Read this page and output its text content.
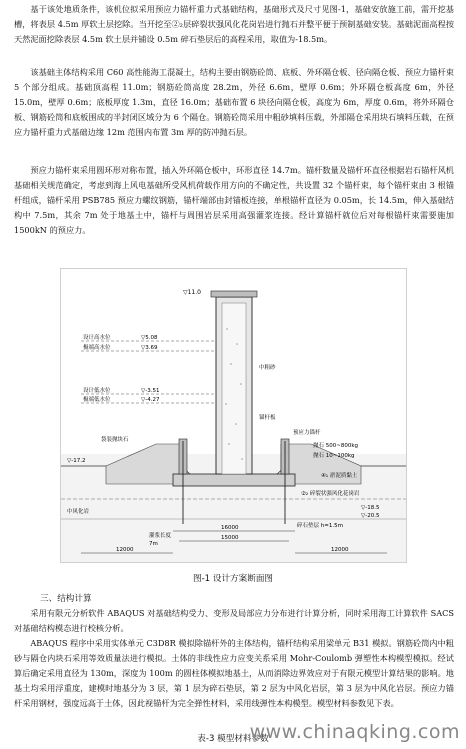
基于该处地质条件，该机位拟采用预应力锚杆重力式基础结构，基础形式及尺寸见图-1，基础安放施工前，需开挖基槽，将表层 4.5m 厚软土层挖除。当开挖至②₂层碎裂状强风化花岗岩进行抛石并整平便于预制基础安装。基础泥面高程按天然泥面挖除表层 4.5m 软土层并铺设 0.5m 碎石垫层后的高程采用，取值为-18.5m。

该基础主体结构采用 C60 高性能海工混凝土，结构主要由钢筋砼筒、底板、外环隔仓板、径向隔仓板、预应力锚杆束 5 个部分组成。基础顶高程 11.0m；钢筋砼筒高度 28.2m，外径 6.6m，壁厚 0.6m；外环隔仓板高度 6m，外径 15.0m，壁厚 0.6m；底板厚度 1.3m，直径 16.0m；基础布置 6 块径向隔仓板，高度为 6m，厚度 0.6m，将外环隔仓板、钢筋砼筒和底板围成的半封闭区域分为 6 个隔仓。钢筋砼筒采用中粗砂填料压载，外部隔仓采用块石填料压载，在预应力锚杆重力式基础边缘 12m 范围内布置 3m 厚的防冲抛石层。

预应力锚杆束采用圆环形对称布置，插入外环隔仓板中，环形直径 14.7m。锚杆数量及锚杆环直径根据岩石锚杆风机基础相关规范确定，考虑到海上风电基础所受风机荷载作用方向的不确定性，共设置 32 个锚杆束，每个锚杆束由 3 根锚杆组成，锚杆采用 PSB785 预应力螺纹钢筋，锚杆端部由封锚板连接，单根锚杆直径为 0.05m，长 14.5m，伸入基础结构中 7.5m，其余 7m 处于地基土中，锚杆与周围岩层采用高强灌浆连接。经计算锚杆就位后对每根锚杆束需要施加 1500kN 的预应力。

▽11.0
设计高水位	▽5.08
极端高水位	▽3.69
设计低水位	▽-3.51
极端低水位	▽-4.27
中粗砂
锚杆板
预应力锚杆
袋装抛块石
抛石 500~800kg
抛石 10~100kg
▽-17.2
④₁ 淤泥质黏土
②₂ 碎裂状强风化花岗岩
▽-18.5
▽-20.5
中风化岩
碎石垫层 h=1.5m
灌浆长度
7m
16000
15000
12000	12000
图-1 设计方案断面图
三、结构计算

采用有限元分析软件 ABAQUS 对基础结构受力、变形及局部应力分布进行计算分析，同时采用海工计算软件 SACS 对基础结构模态进行校核分析。

ABAQUS 程序中采用实体单元 C3D8R 模拟除锚杆外的主体结构，锚杆结构采用梁单元 B31 模拟。钢筋砼筒内中粗砂与隔仓内块石采用等效质量法进行模拟。土体的非线性应力应变关系采用 Mohr-Coulomb 弹塑性本构模型模拟。经试算后确定采用直径为 130m，深度为 100m 的圆柱体模拟地基土，从而消除边界效应对于有限元模型计算结果的影响。地基土均采用浮重度，建模时地基分为 3 层，第 1 层为碎石垫层，第 2 层为中风化岩层，第 3 层为中风化岩层。预应力锚杆采用钢材，强度远高于土体，因此视锚杆为完全弹性材料，采用线弹性本构模型。模型材料参数见下表。

表-3 模型材料参数
www.chinaqking.com
